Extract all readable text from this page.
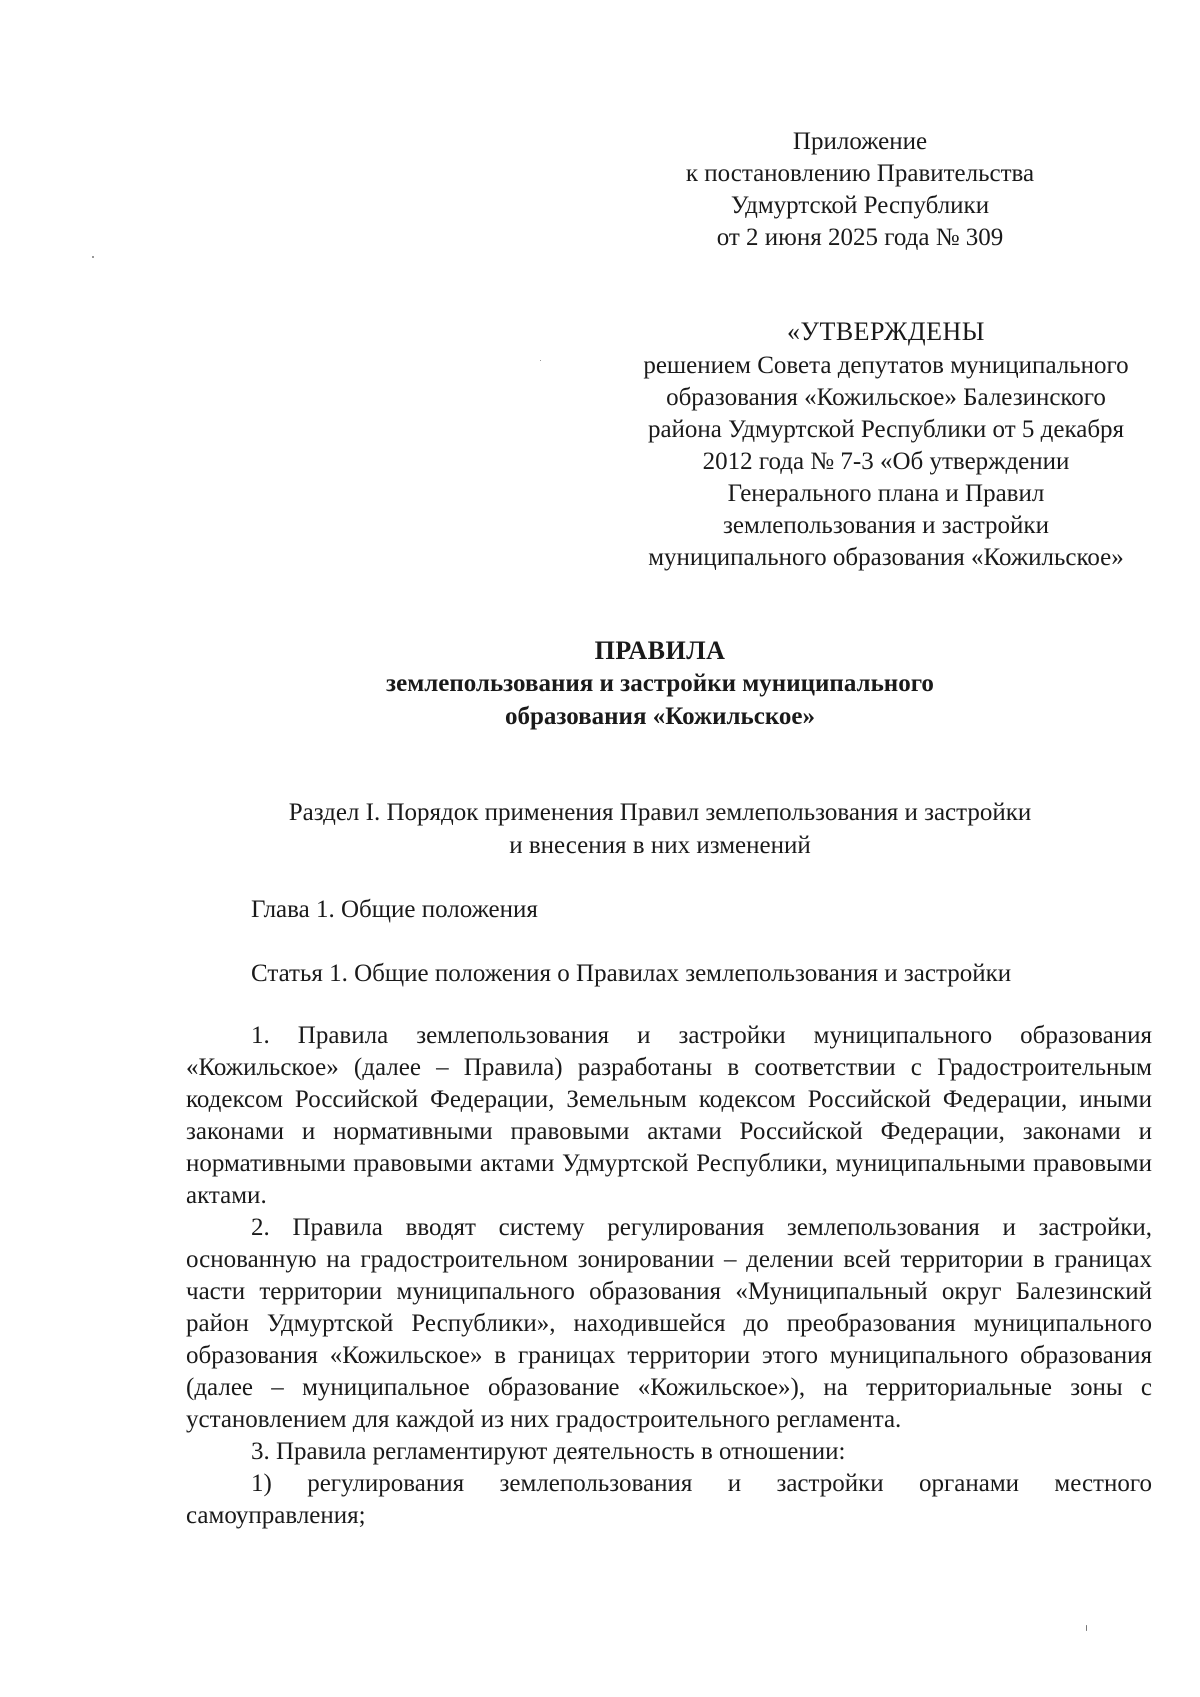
Приложение
к постановлению Правительства
Удмуртской Республики
от 2 июня 2025 года № 309
«УТВЕРЖДЕНЫ
решением Совета депутатов муниципального
образования «Кожильское» Балезинского
района Удмуртской Республики от 5 декабря
2012 года № 7-3 «Об утверждении
Генерального плана и Правил
землепользования и застройки
муниципального образования «Кожильское»
ПРАВИЛА
землепользования и застройки муниципального
образования «Кожильское»
Раздел I. Порядок применения Правил землепользования и застройки
и внесения в них изменений
Глава 1. Общие положения
Статья 1. Общие положения о Правилах землепользования и застройки

1. Правила землепользования и застройки муниципального образования «Кожильское» (далее – Правила) разработаны в соответствии с Градостроительным кодексом Российской Федерации, Земельным кодексом Российской Федерации, иными законами и нормативными правовыми актами Российской Федерации, законами и нормативными правовыми актами Удмуртской Республики, муниципальными правовыми актами.

2. Правила вводят систему регулирования землепользования и застройки, основанную на градостроительном зонировании – делении всей территории в границах части территории муниципального образования «Муниципальный округ Балезинский район Удмуртской Республики», находившейся до преобразования муниципального образования «Кожильское» в границах территории этого муниципального образования (далее – муниципальное образование «Кожильское»), на территориальные зоны с установлением для каждой из них градостроительного регламента.

3. Правила регламентируют деятельность в отношении:

1) регулирования землепользования и застройки органами местного самоуправления;
